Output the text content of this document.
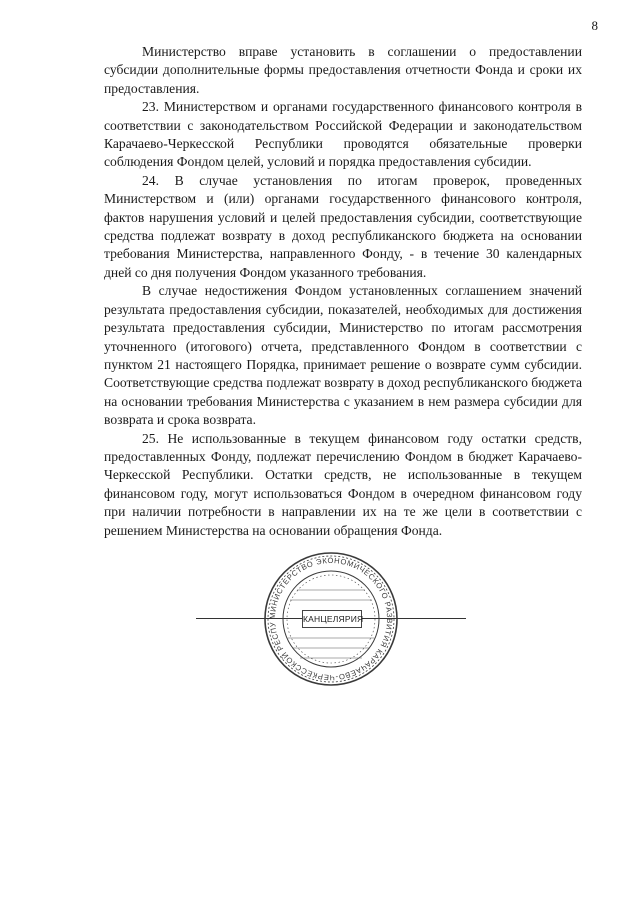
8

Министерство вправе установить в соглашении о предоставлении субсидии дополнительные формы предоставления отчетности Фонда и сроки их предоставления.

23. Министерством и органами государственного финансового контроля в соответствии с законодательством Российской Федерации и законодательством Карачаево-Черкесской Республики проводятся обязательные проверки соблюдения Фондом целей, условий и порядка предоставления субсидии.

24. В случае установления по итогам проверок, проведенных Министерством и (или) органами государственного финансового контроля, фактов нарушения условий и целей предоставления субсидии, соответствующие средства подлежат возврату в доход республиканского бюджета на основании требования Министерства, направленного Фонду, - в течение 30 календарных дней со дня получения Фондом указанного требования.

В случае недостижения Фондом установленных соглашением значений результата предоставления субсидии, показателей, необходимых для достижения результата предоставления субсидии, Министерство по итогам рассмотрения уточненного (итогового) отчета, представленного Фондом в соответствии с пунктом 21 настоящего Порядка, принимает решение о возврате сумм субсидии. Соответствующие средства подлежат возврату в доход республиканского бюджета на основании требования Министерства с указанием в нем размера субсидии для возврата и срока возврата.

25. Не использованные в текущем финансовом году остатки средств, предоставленных Фонду, подлежат перечислению Фондом в бюджет Карачаево-Черкесской Республики. Остатки средств, не использованные в текущем финансовом году, могут использоваться Фондом в очередном финансовом году при наличии потребности в направлении их на те же цели в соответствии с решением Министерства на основании обращения Фонда.

МИНИСТЕРСТВО ЭКОНОМИЧЕСКОГО РАЗВИТИЯ КАРАЧАЕВО-ЧЕРКЕССКОЙ РЕСПУ
КАНЦЕЛЯРИЯ
